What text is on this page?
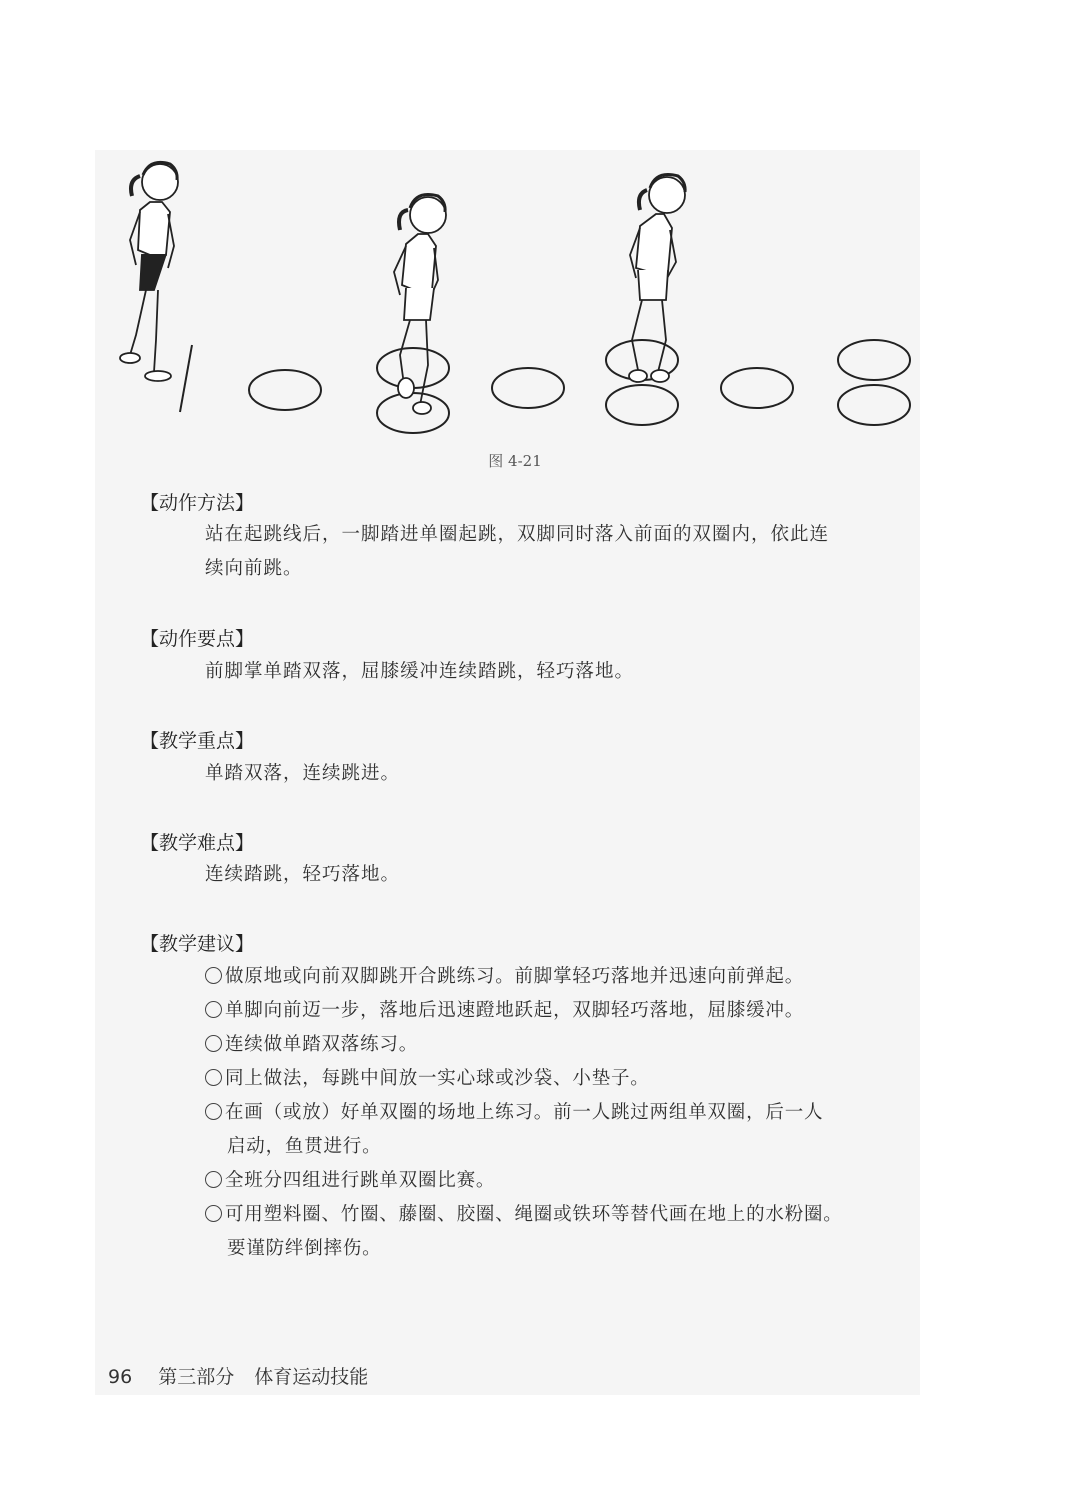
图 4-21
【动作方法】
站在起跳线后，一脚踏进单圈起跳，双脚同时落入前面的双圈内，依此连
续向前跳。
【动作要点】
前脚掌单踏双落，屈膝缓冲连续踏跳，轻巧落地。
【教学重点】
单踏双落，连续跳进。
【教学难点】
连续踏跳，轻巧落地。
【教学建议】
做原地或向前双脚跳开合跳练习。前脚掌轻巧落地并迅速向前弹起。
单脚向前迈一步，落地后迅速蹬地跃起，双脚轻巧落地，屈膝缓冲。
连续做单踏双落练习。
同上做法，每跳中间放一实心球或沙袋、小垫子。
在画（或放）好单双圈的场地上练习。前一人跳过两组单双圈，后一人
启动，鱼贯进行。
全班分四组进行跳单双圈比赛。
可用塑料圈、竹圈、藤圈、胶圈、绳圈或铁环等替代画在地上的水粉圈。
要谨防绊倒摔伤。
96 第三部分 体育运动技能
